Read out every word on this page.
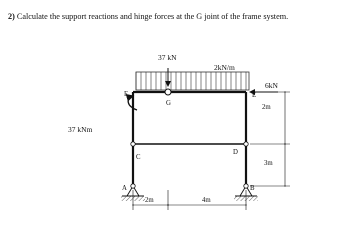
2) Calculate the support reactions and hinge forces at the G joint of the frame system.
2kN/m
37 kN
6kN
37 kNm
F
G
E
C
D
A	B
2m	4m
2m
3m
